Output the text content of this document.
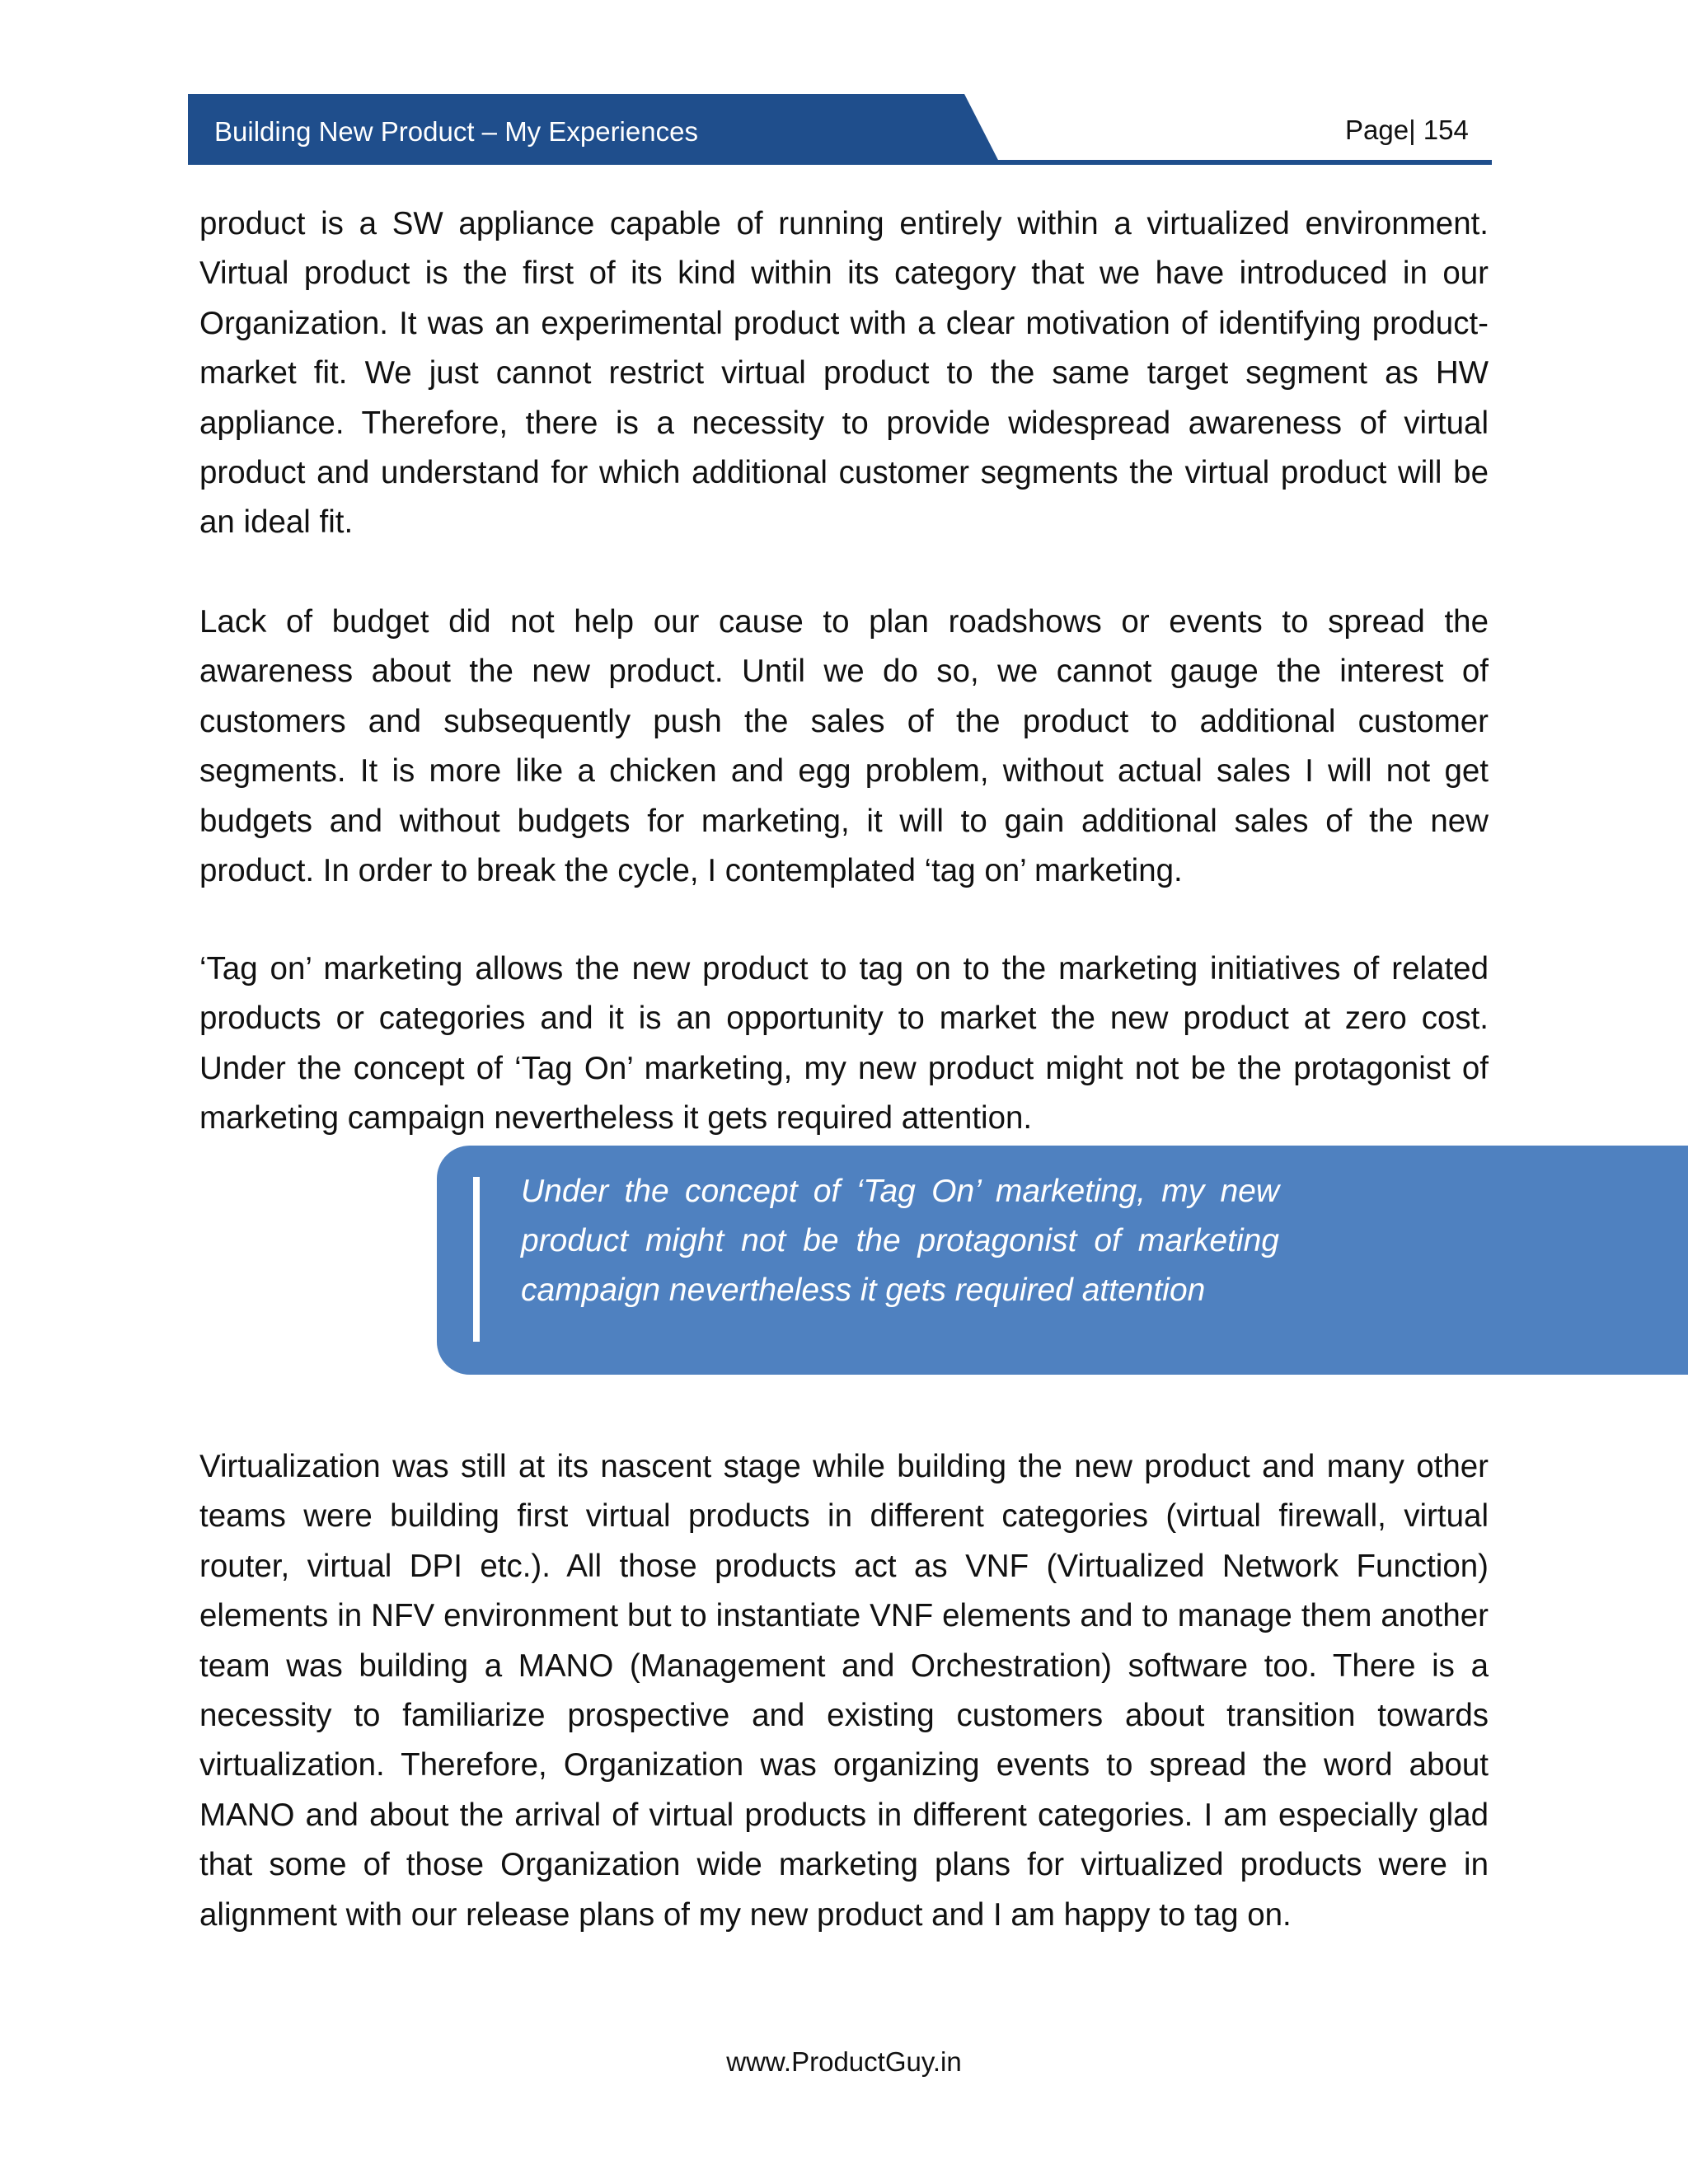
Building New Product – My Experiences	Page| 154

product is a SW appliance capable of running entirely within a virtualized environment. Virtual product is the first of its kind within its category that we have introduced in our Organization. It was an experimental product with a clear motivation of identifying product-market fit. We just cannot restrict virtual product to the same target segment as HW appliance. Therefore, there is a necessity to provide widespread awareness of virtual product and understand for which additional customer segments the virtual product will be an ideal fit.

Lack of budget did not help our cause to plan roadshows or events to spread the awareness about the new product. Until we do so, we cannot gauge the interest of customers and subsequently push the sales of the product to additional customer segments. It is more like a chicken and egg problem, without actual sales I will not get budgets and without budgets for marketing, it will to gain additional sales of the new product. In order to break the cycle, I contemplated ‘tag on’ marketing.

‘Tag on’ marketing allows the new product to tag on to the marketing initiatives of related products or categories and it is an opportunity to market the new product at zero cost. Under the concept of ‘Tag On’ marketing, my new product might not be the protagonist of marketing campaign nevertheless it gets required attention.

Under the concept of ‘Tag On’ marketing, my new product might not be the protagonist of marketing campaign nevertheless it gets required attention

Virtualization was still at its nascent stage while building the new product and many other teams were building first virtual products in different categories (virtual firewall, virtual router, virtual DPI etc.). All those products act as VNF (Virtualized Network Function) elements in NFV environment but to instantiate VNF elements and to manage them another team was building a MANO (Management and Orchestration) software too. There is a necessity to familiarize prospective and existing customers about transition towards virtualization. Therefore, Organization was organizing events to spread the word about MANO and about the arrival of virtual products in different categories. I am especially glad that some of those Organization wide marketing plans for virtualized products were in alignment with our release plans of my new product and I am happy to tag on.

www.ProductGuy.in
